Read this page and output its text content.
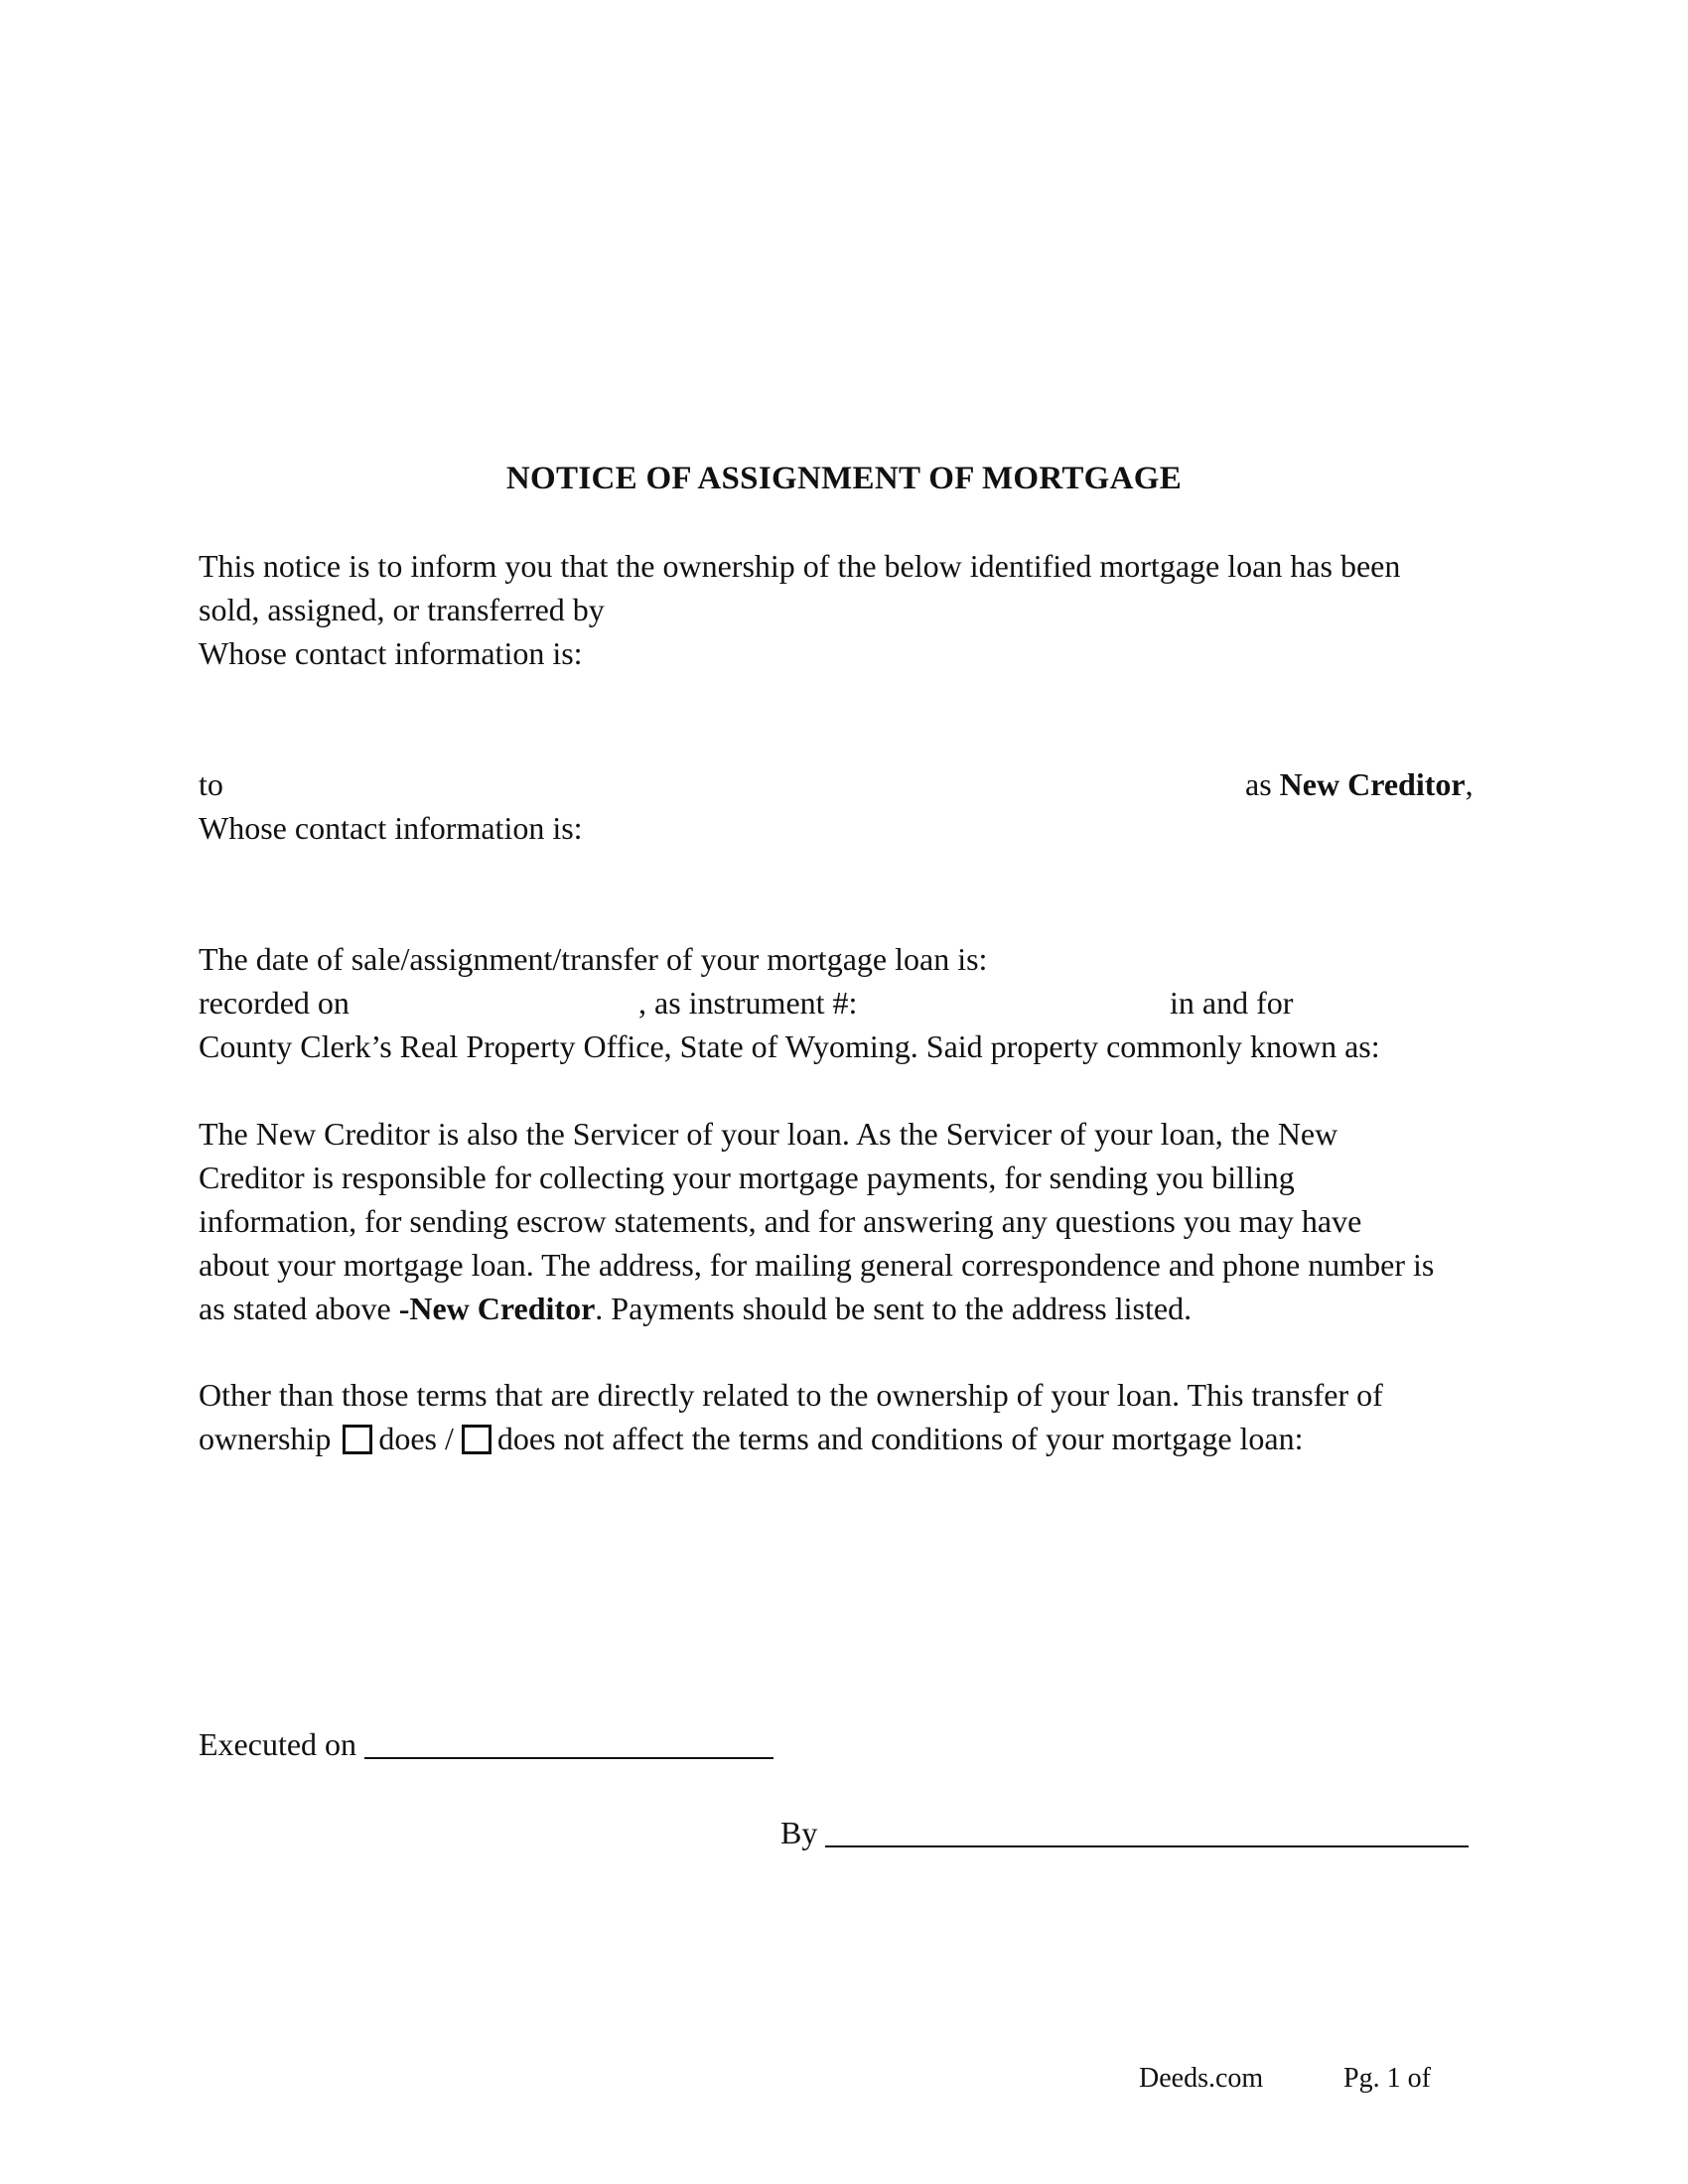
NOTICE OF ASSIGNMENT OF MORTGAGE
This notice is to inform you that the ownership of the below identified mortgage loan has been
sold, assigned, or transferred by
Whose contact information is:
to	as New Creditor,
Whose contact information is:
The date of sale/assignment/transfer of your mortgage loan is:
recorded on	, as instrument #:	in and for
County Clerk’s Real Property Office, State of Wyoming. Said property commonly known as:
The New Creditor is also the Servicer of your loan. As the Servicer of your loan, the New
Creditor is responsible for collecting your mortgage payments, for sending you billing
information, for sending escrow statements, and for answering any questions you may have
about your mortgage loan. The address, for mailing general correspondence and phone number is
as stated above -New Creditor. Payments should be sent to the address listed.
Other than those terms that are directly related to the ownership of your loan. This transfer of
ownership does / does not affect the terms and conditions of your mortgage loan:
Executed on
By
Deeds.com	Pg. 1 of
